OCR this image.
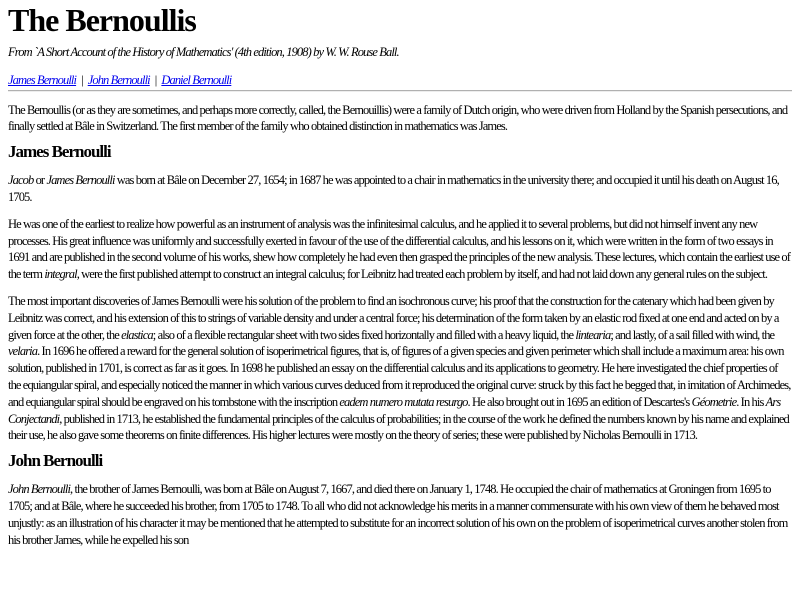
The Bernoullis

From `A Short Account of the History of Mathematics' (4th edition, 1908) by W. W. Rouse Ball.

James Bernoulli | John Bernoulli | Daniel Bernoulli

The Bernoullis (or as they are sometimes, and perhaps more correctly, called, the Bernouillis) were a family of Dutch origin, who were driven from Holland by the Spanish persecutions, and finally settled at Bâle in Switzerland. The first member of the family who obtained distinction in mathematics was James.

James Bernoulli

Jacob or James Bernoulli was born at Bâle on December 27, 1654; in 1687 he was appointed to a chair in mathematics in the university there; and occupied it until his death on August 16, 1705.

He was one of the earliest to realize how powerful as an instrument of analysis was the infinitesimal calculus, and he applied it to several problems, but did not himself invent any new processes. His great influence was uniformly and successfully exerted in favour of the use of the differential calculus, and his lessons on it, which were written in the form of two essays in 1691 and are published in the second volume of his works, shew how completely he had even then grasped the principles of the new analysis. These lectures, which contain the earliest use of the term integral, were the first published attempt to construct an integral calculus; for Leibnitz had treated each problem by itself, and had not laid down any general rules on the subject.

The most important discoveries of James Bernoulli were his solution of the problem to find an isochronous curve; his proof that the construction for the catenary which had been given by Leibnitz was correct, and his extension of this to strings of variable density and under a central force; his determination of the form taken by an elastic rod fixed at one end and acted on by a given force at the other, the elastica; also of a flexible rectangular sheet with two sides fixed horizontally and filled with a heavy liquid, the lintearia; and lastly, of a sail filled with wind, the velaria. In 1696 he offered a reward for the general solution of isoperimetrical figures, that is, of figures of a given species and given perimeter which shall include a maximum area: his own solution, published in 1701, is correct as far as it goes. In 1698 he published an essay on the differential calculus and its applications to geometry. He here investigated the chief properties of the equiangular spiral, and especially noticed the manner in which various curves deduced from it reproduced the original curve: struck by this fact he begged that, in imitation of Archimedes, and equiangular spiral should be engraved on his tombstone with the inscription eadem numero mutata resurgo. He also brought out in 1695 an edition of Descartes's Géometrie. In his Ars Conjectandi, published in 1713, he established the fundamental principles of the calculus of probabilities; in the course of the work he defined the numbers known by his name and explained their use, he also gave some theorems on finite differences. His higher lectures were mostly on the theory of series; these were published by Nicholas Bernoulli in 1713.

John Bernoulli

John Bernoulli, the brother of James Bernoulli, was born at Bâle on August 7, 1667, and died there on January 1, 1748. He occupied the chair of mathematics at Groningen from 1695 to 1705; and at Bâle, where he succeeded his brother, from 1705 to 1748. To all who did not acknowledge his merits in a manner commensurate with his own view of them he behaved most unjustly: as an illustration of his character it may be mentioned that he attempted to substitute for an incorrect solution of his own on the problem of isoperimetrical curves another stolen from his brother James, while he expelled his son
